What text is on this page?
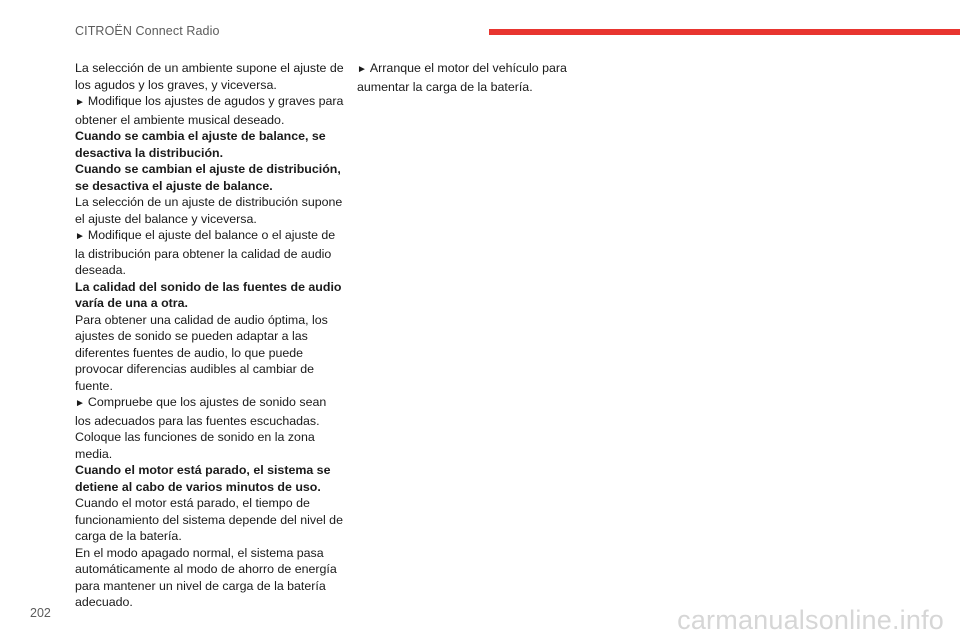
CITROËN Connect Radio

La selección de un ambiente supone el ajuste de los agudos y los graves, y viceversa.

► Modifique los ajustes de agudos y graves para obtener el ambiente musical deseado.

Cuando se cambia el ajuste de balance, se desactiva la distribución.

Cuando se cambian el ajuste de distribución, se desactiva el ajuste de balance.

La selección de un ajuste de distribución supone el ajuste del balance y viceversa.

► Modifique el ajuste del balance o el ajuste de la distribución para obtener la calidad de audio deseada.

La calidad del sonido de las fuentes de audio varía de una a otra.

Para obtener una calidad de audio óptima, los ajustes de sonido se pueden adaptar a las diferentes fuentes de audio, lo que puede provocar diferencias audibles al cambiar de fuente.

► Compruebe que los ajustes de sonido sean los adecuados para las fuentes escuchadas. Coloque las funciones de sonido en la zona media.

Cuando el motor está parado, el sistema se detiene al cabo de varios minutos de uso.

Cuando el motor está parado, el tiempo de funcionamiento del sistema depende del nivel de carga de la batería.

En el modo apagado normal, el sistema pasa automáticamente al modo de ahorro de energía para mantener un nivel de carga de la batería adecuado.

► Arranque el motor del vehículo para aumentar la carga de la batería.

202	carmanualsonline.info
